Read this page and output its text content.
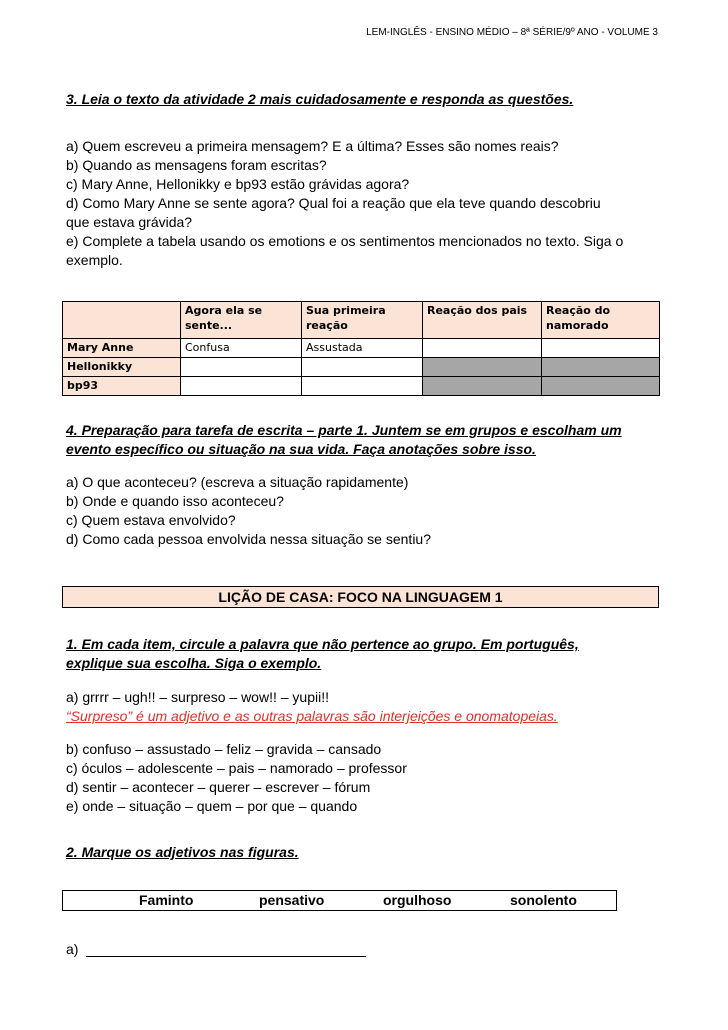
LEM-INGLÊS - ENSINO MÉDIO – 8ª SÉRIE/9º ANO - VOLUME 3
3. Leia o texto da atividade 2 mais cuidadosamente e responda as questões.
a) Quem escreveu a primeira mensagem? E a última? Esses são nomes reais?
b) Quando as mensagens foram escritas?
c) Mary Anne, Hellonikky e bp93 estão grávidas agora?
d) Como Mary Anne se sente agora? Qual foi a reação que ela teve quando descobriu
que estava grávida?
e) Complete a tabela usando os emotions e os sentimentos mencionados no texto. Siga o
exemplo.
	Agora ela se sente...	Sua primeira reação	Reação dos pais	Reação do namorado
Mary Anne	Confusa	Assustada		
Hellonikky				
bp93				
4. Preparação para tarefa de escrita – parte 1. Juntem se em grupos e escolham um
evento específico ou situação na sua vida. Faça anotações sobre isso.
a) O que aconteceu? (escreva a situação rapidamente)
b) Onde e quando isso aconteceu?
c) Quem estava envolvido?
d) Como cada pessoa envolvida nessa situação se sentiu?
LIÇÃO DE CASA: FOCO NA LINGUAGEM 1
1. Em cada item, circule a palavra que não pertence ao grupo. Em português,
explique sua escolha. Siga o exemplo.
a) grrrr – ugh!! – surpreso – wow!! – yupii!!
“Surpreso” é um adjetivo e as outras palavras são interjeições e onomatopeias.
b) confuso – assustado – feliz – gravida – cansado
c) óculos – adolescente – pais – namorado – professor
d) sentir – acontecer – querer – escrever – fórum
e) onde – situação – quem – por que – quando
2. Marque os adjetivos nas figuras.
Faminto	pensativo	orgulhoso	sonolento
a)
